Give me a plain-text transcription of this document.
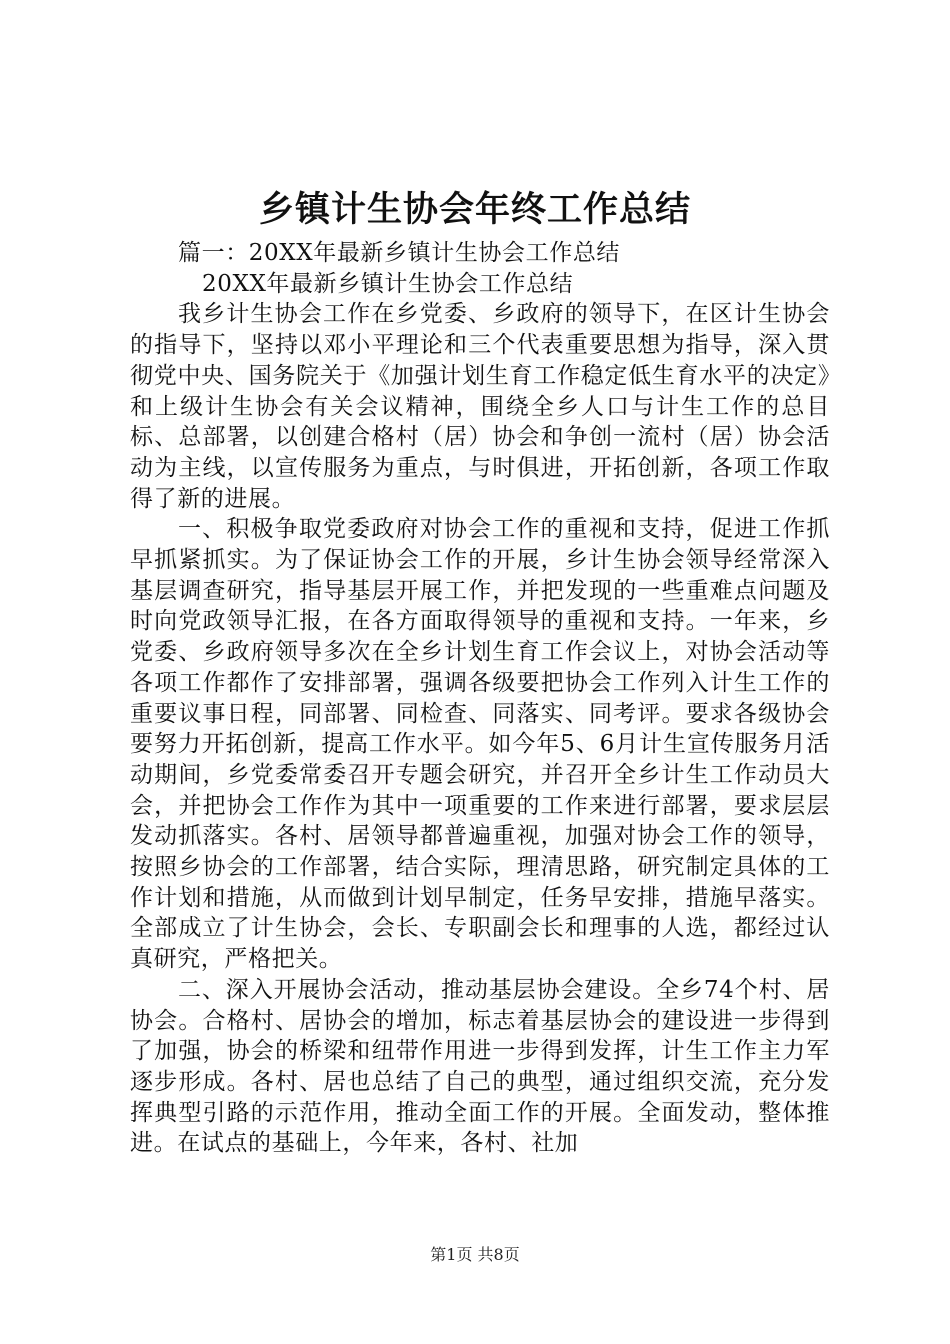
乡镇计生协会年终工作总结

篇一：20XX年最新乡镇计生协会工作总结

20XX年最新乡镇计生协会工作总结

我乡计生协会工作在乡党委、乡政府的领导下，在区计生协会的指导下，坚持以邓小平理论和三个代表重要思想为指导，深入贯彻党中央、国务院关于《加强计划生育工作稳定低生育水平的决定》和上级计生协会有关会议精神，围绕全乡人口与计生工作的总目标、总部署，以创建合格村（居）协会和争创一流村（居）协会活动为主线，以宣传服务为重点，与时俱进，开拓创新，各项工作取得了新的进展。

一、积极争取党委政府对协会工作的重视和支持，促进工作抓早抓紧抓实。为了保证协会工作的开展，乡计生协会领导经常深入基层调查研究，指导基层开展工作，并把发现的一些重难点问题及时向党政领导汇报，在各方面取得领导的重视和支持。一年来，乡党委、乡政府领导多次在全乡计划生育工作会议上，对协会活动等各项工作都作了安排部署，强调各级要把协会工作列入计生工作的重要议事日程，同部署、同检查、同落实、同考评。要求各级协会要努力开拓创新，提高工作水平。如今年5、6月计生宣传服务月活动期间，乡党委常委召开专题会研究，并召开全乡计生工作动员大会，并把协会工作作为其中一项重要的工作来进行部署，要求层层发动抓落实。各村、居领导都普遍重视，加强对协会工作的领导，按照乡协会的工作部署，结合实际，理清思路，研究制定具体的工作计划和措施，从而做到计划早制定，任务早安排，措施早落实。全部成立了计生协会，会长、专职副会长和理事的人选，都经过认真研究，严格把关。

二、深入开展协会活动，推动基层协会建设。全乡74个村、居协会。合格村、居协会的增加，标志着基层协会的建设进一步得到了加强，协会的桥梁和纽带作用进一步得到发挥，计生工作主力军逐步形成。各村、居也总结了自己的典型，通过组织交流，充分发挥典型引路的示范作用，推动全面工作的开展。全面发动，整体推进。在试点的基础上，今年来，各村、社加

第1页 共8页
